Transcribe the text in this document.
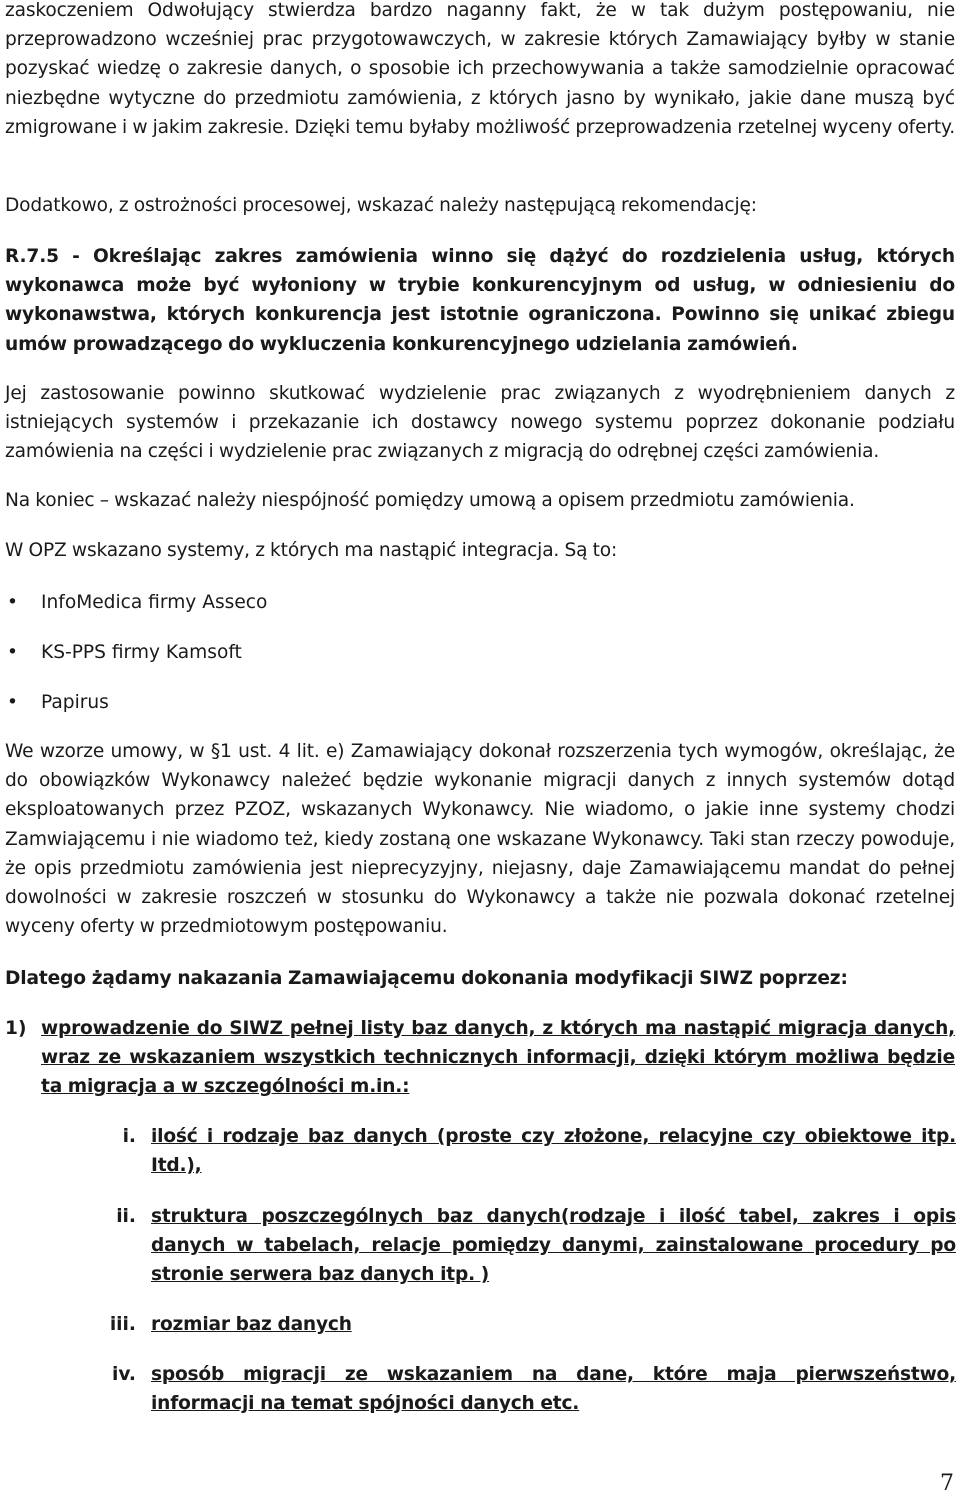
zaskoczeniem Odwołujący stwierdza bardzo naganny fakt, że w tak dużym postępowaniu, nie przeprowadzono wcześniej prac przygotowawczych, w zakresie których Zamawiający byłby w stanie pozyskać wiedzę o zakresie danych, o sposobie ich przechowywania a także samodzielnie opracować niezbędne wytyczne do przedmiotu zamówienia, z których jasno by wynikało, jakie dane muszą być zmigrowane i w jakim zakresie. Dzięki temu byłaby możliwość przeprowadzenia rzetelnej wyceny oferty.

Dodatkowo, z ostrożności procesowej, wskazać należy następującą rekomendację:

R.7.5 - Określając zakres zamówienia winno się dążyć do rozdzielenia usług, których wykonawca może być wyłoniony w trybie konkurencyjnym od usług, w odniesieniu do wykonawstwa, których konkurencja jest istotnie ograniczona. Powinno się unikać zbiegu umów prowadzącego do wykluczenia konkurencyjnego udzielania zamówień.

Jej zastosowanie powinno skutkować wydzielenie prac związanych z wyodrębnieniem danych z istniejących systemów i przekazanie ich dostawcy nowego systemu poprzez dokonanie podziału zamówienia na części i wydzielenie prac związanych z migracją do odrębnej części zamówienia.

Na koniec – wskazać należy niespójność pomiędzy umową a opisem przedmiotu zamówienia.

W OPZ wskazano systemy, z których ma nastąpić integracja. Są to:

• InfoMedica firmy Asseco
• KS-PPS firmy Kamsoft
• Papirus

We wzorze umowy, w §1 ust. 4 lit. e) Zamawiający dokonał rozszerzenia tych wymogów, określając, że do obowiązków Wykonawcy należeć będzie wykonanie migracji danych z innych systemów dotąd eksploatowanych przez PZOZ, wskazanych Wykonawcy. Nie wiadomo, o jakie inne systemy chodzi Zamwiającemu i nie wiadomo też, kiedy zostaną one wskazane Wykonawcy. Taki stan rzeczy powoduje, że opis przedmiotu zamówienia jest nieprecyzyjny, niejasny, daje Zamawiającemu mandat do pełnej dowolności w zakresie roszczeń w stosunku do Wykonawcy a także nie pozwala dokonać rzetelnej wyceny oferty w przedmiotowym postępowaniu.

Dlatego żądamy nakazania Zamawiającemu dokonania modyfikacji SIWZ poprzez:

1) wprowadzenie do SIWZ pełnej listy baz danych, z których ma nastąpić migracja danych, wraz ze wskazaniem wszystkich technicznych informacji, dzięki którym możliwa będzie ta migracja a w szczególności m.in.:

i. ilość i rodzaje baz danych (proste czy złożone, relacyjne czy obiektowe itp. Itd.),

ii. struktura poszczególnych baz danych(rodzaje i ilość tabel, zakres i opis danych w tabelach, relacje pomiędzy danymi, zainstalowane procedury po stronie serwera baz danych itp. )

iii. rozmiar baz danych

iv. sposób migracji ze wskazaniem na dane, które maja pierwszeństwo, informacji na temat spójności danych etc.

7
